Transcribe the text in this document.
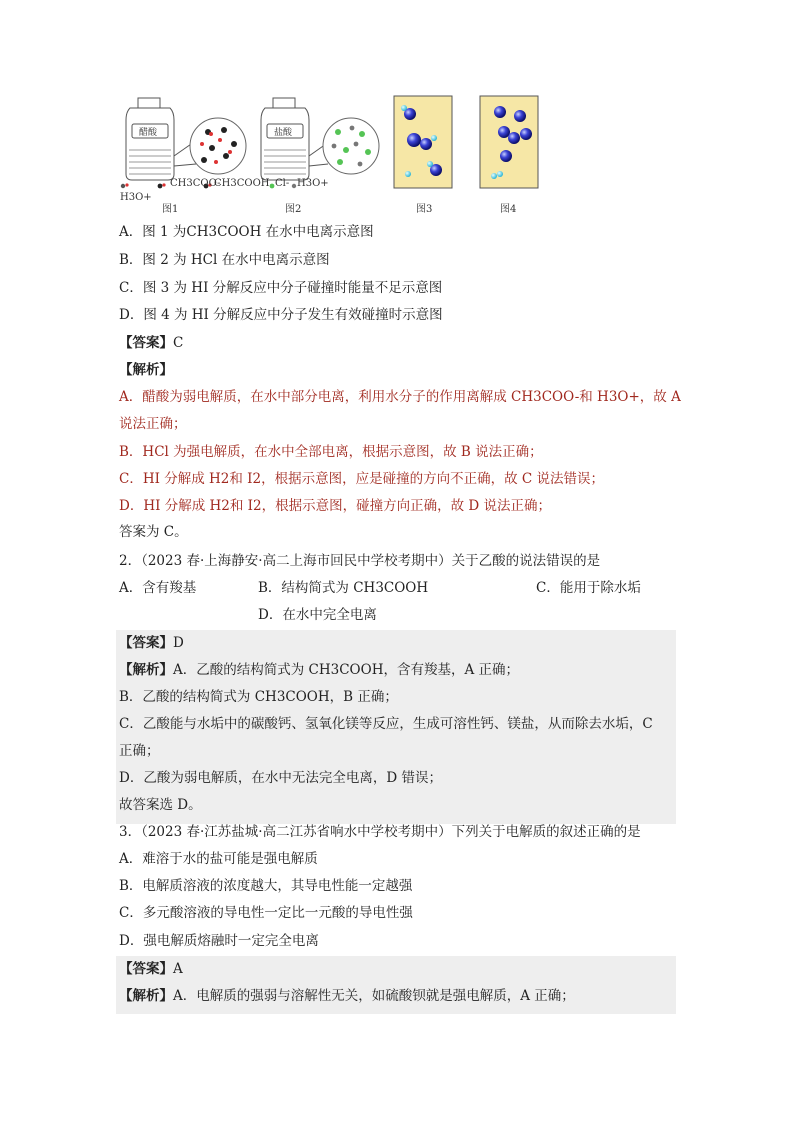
H3O+
CH3COO-
CH3COOH Cl- H3O+
醋酸	盐酸
图1	图2	图3	图4
A．图 1 为CH3COOH 在水中电离示意图
B．图 2 为 HCl 在水中电离示意图
C．图 3 为 HI 分解反应中分子碰撞时能量不足示意图
D．图 4 为 HI 分解反应中分子发生有效碰撞时示意图
【答案】C
【解析】
A．醋酸为弱电解质，在水中部分电离，利用水分子的作用离解成 CH3COO-和 H3O+，故 A
说法正确；
B．HCl 为强电解质，在水中全部电离，根据示意图，故 B 说法正确；
C．HI 分解成 H2和 I2，根据示意图，应是碰撞的方向不正确，故 C 说法错误；
D．HI 分解成 H2和 I2，根据示意图，碰撞方向正确，故 D 说法正确；
答案为 C。
2．（2023 春·上海静安·高二上海市回民中学校考期中）关于乙酸的说法错误的是
A．含有羧基	B．结构简式为 CH3COOH	C．能用于除水垢
D．在水中完全电离
【答案】D
【解析】A．乙酸的结构简式为 CH3COOH，含有羧基，A 正确；
B．乙酸的结构简式为 CH3COOH，B 正确；
C．乙酸能与水垢中的碳酸钙、氢氧化镁等反应，生成可溶性钙、镁盐，从而除去水垢，C
正确；
D．乙酸为弱电解质，在水中无法完全电离，D 错误；
故答案选 D。
3．（2023 春·江苏盐城·高二江苏省响水中学校考期中）下列关于电解质的叙述正确的是
A．难溶于水的盐可能是强电解质
B．电解质溶液的浓度越大，其导电性能一定越强
C．多元酸溶液的导电性一定比一元酸的导电性强
D．强电解质熔融时一定完全电离
【答案】A
【解析】A．电解质的强弱与溶解性无关，如硫酸钡就是强电解质，A 正确；
